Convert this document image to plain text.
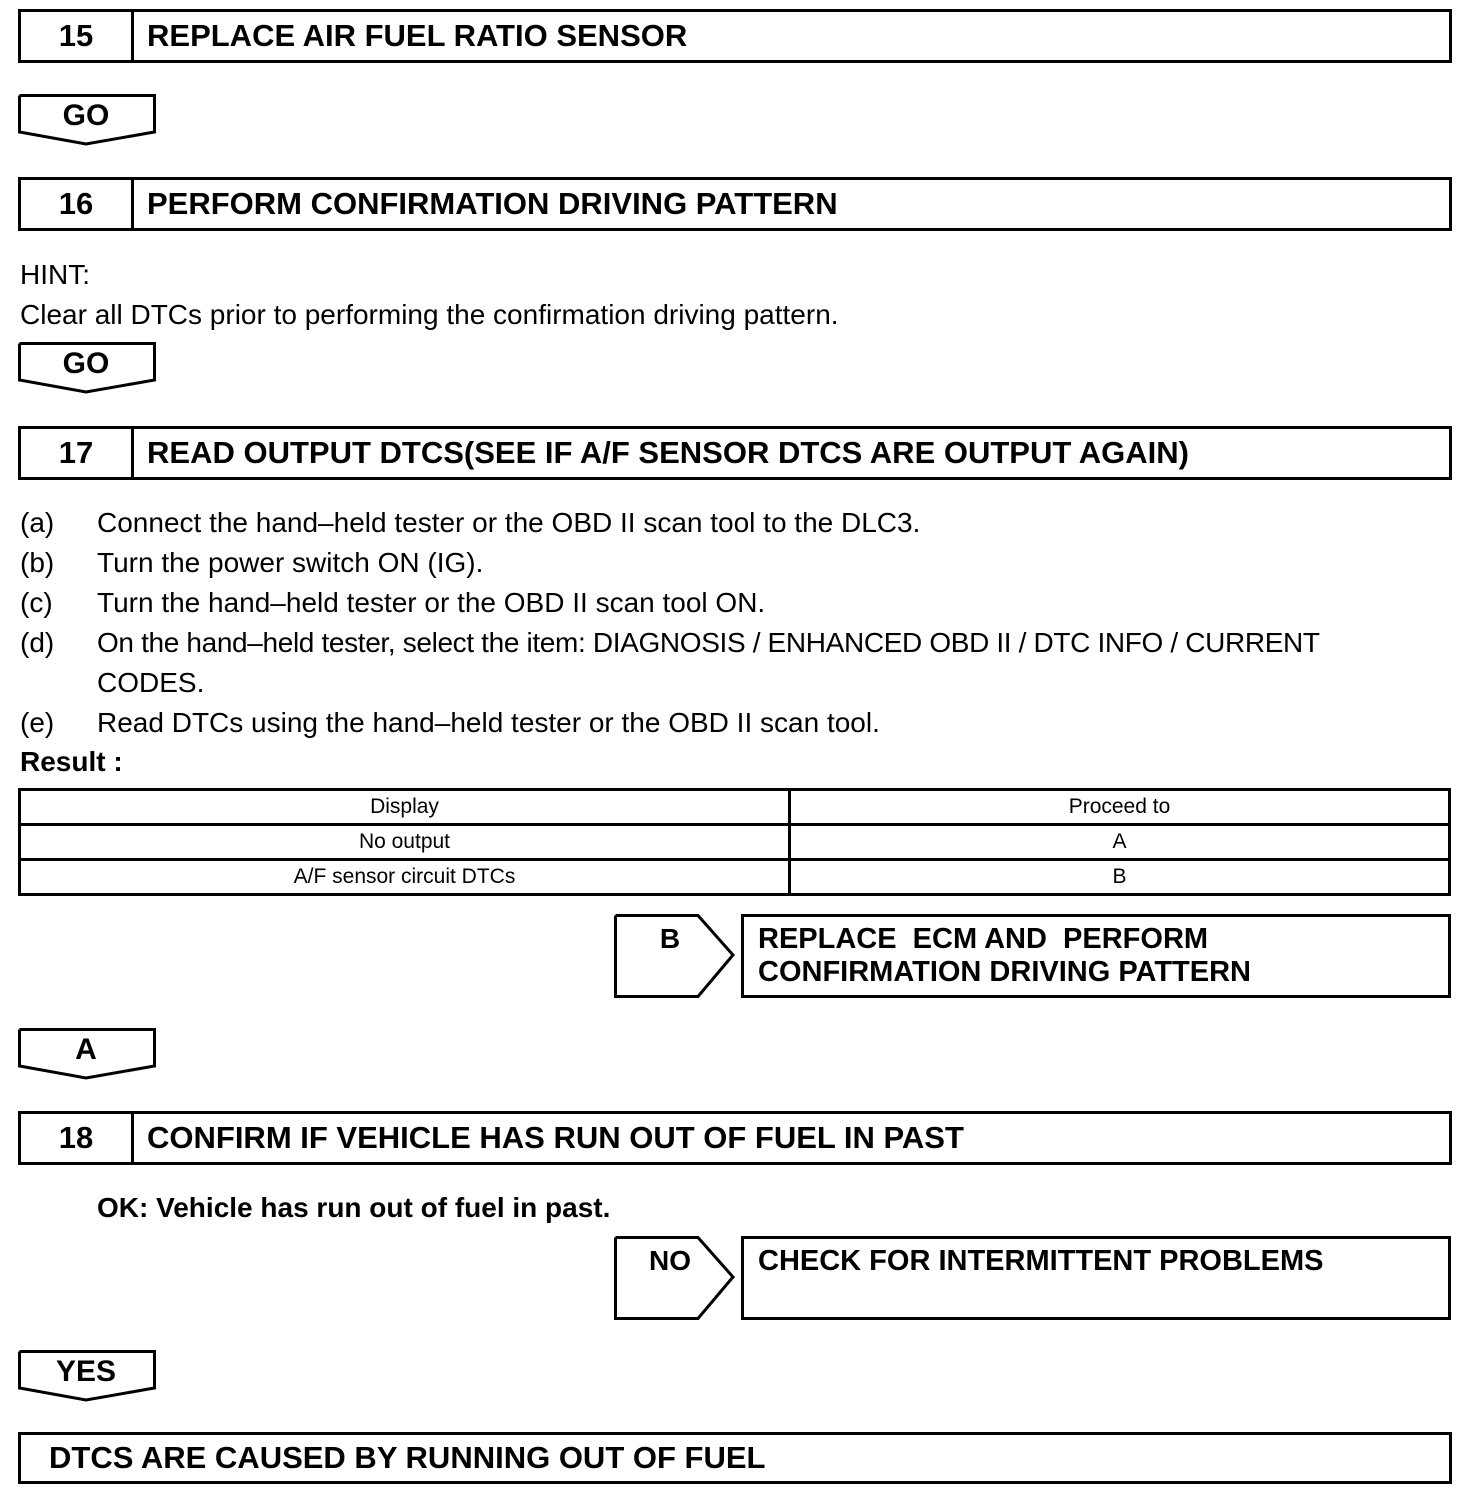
15	REPLACE AIR FUEL RATIO SENSOR
GO
16	PERFORM CONFIRMATION DRIVING PATTERN
HINT:
Clear all DTCs prior to performing the confirmation driving pattern.
GO
17	READ OUTPUT DTCS(SEE IF A/F SENSOR DTCS ARE OUTPUT AGAIN)
(a) Connect the hand–held tester or the OBD II scan tool to the DLC3.
(b) Turn the power switch ON (IG).
(c) Turn the hand–held tester or the OBD II scan tool ON.
(d) On the hand–held tester, select the item: DIAGNOSIS / ENHANCED OBD II / DTC INFO / CURRENT
CODES.
(e) Read DTCs using the hand–held tester or the OBD II scan tool.
Result :
Display	Proceed to
No output	A
A/F sensor circuit DTCs	B
B	REPLACE  ECM AND  PERFORM
CONFIRMATION DRIVING PATTERN
A
18	CONFIRM IF VEHICLE HAS RUN OUT OF FUEL IN PAST
OK: Vehicle has run out of fuel in past.
NO	CHECK FOR INTERMITTENT PROBLEMS
YES
DTCS ARE CAUSED BY RUNNING OUT OF FUEL
